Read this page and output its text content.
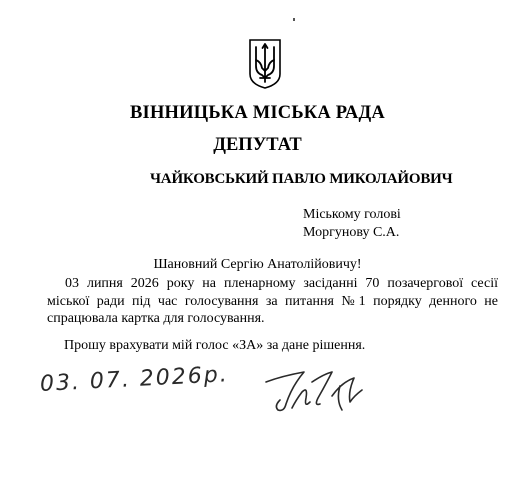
ВІННИЦЬКА МІСЬКА РАДА
ДЕПУТАТ
ЧАЙКОВСЬКИЙ ПАВЛО МИКОЛАЙОВИЧ
Міському голові
Моргунову С.А.
Шановний Сергію Анатолійовичу!
03 липня 2026 року на пленарному засіданні 70 позачергової сесії міської ради під час голосування за питання №1 порядку денного не спрацювала картка для голосування.
Прошу врахувати мій голос «ЗА» за дане рішення.
03. 07. 2026р.
